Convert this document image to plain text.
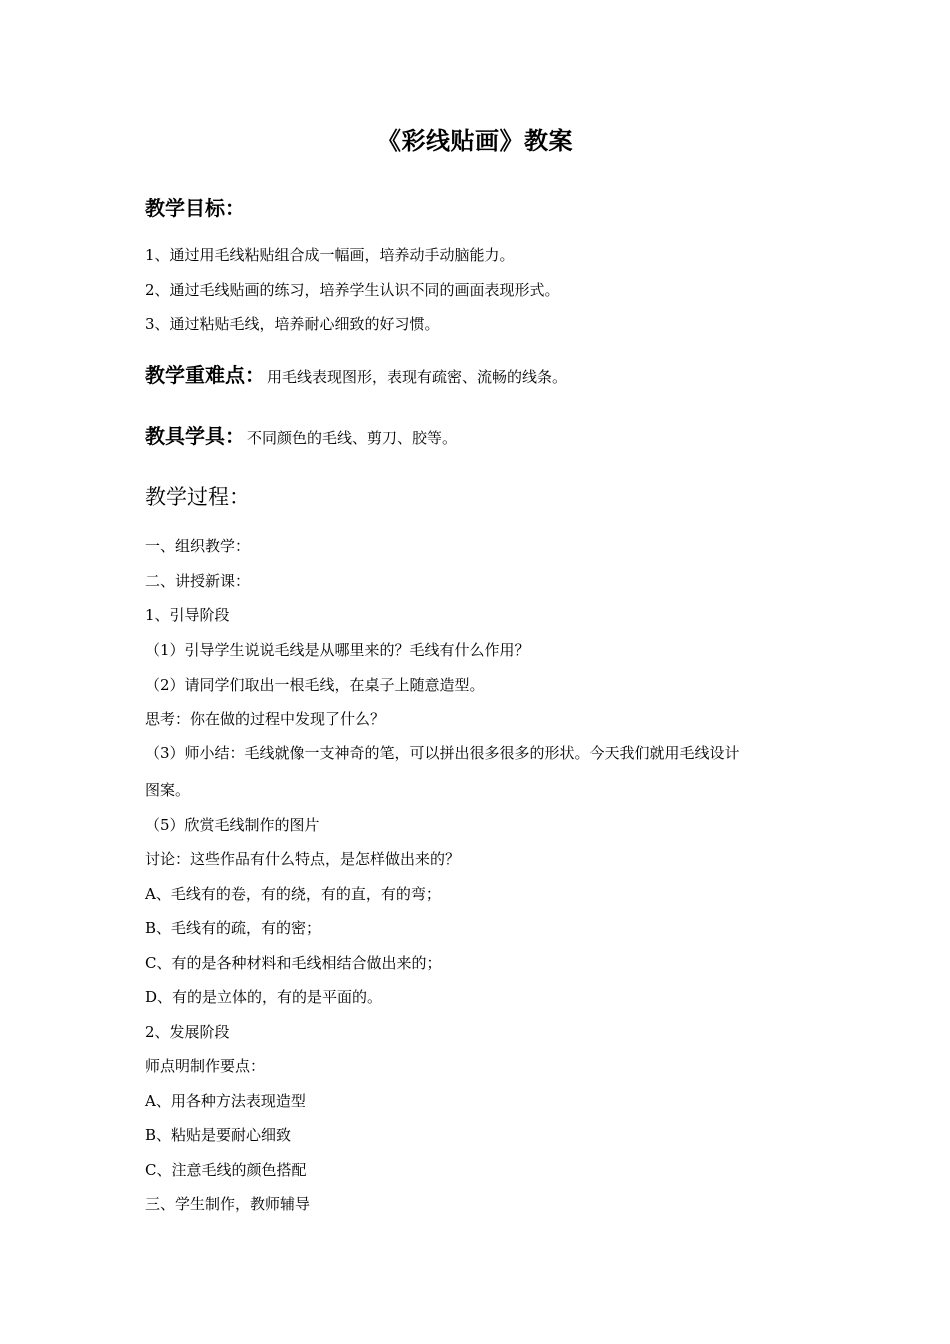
《彩线贴画》教案
教学目标：
1、通过用毛线粘贴组合成一幅画，培养动手动脑能力。
2、通过毛线贴画的练习，培养学生认识不同的画面表现形式。
3、通过粘贴毛线，培养耐心细致的好习惯。
教学重难点： 用毛线表现图形，表现有疏密、流畅的线条。
教具学具： 不同颜色的毛线、剪刀、胶等。
教学过程：
一、组织教学：
二、讲授新课：
1、引导阶段
（1）引导学生说说毛线是从哪里来的？毛线有什么作用？
（2）请同学们取出一根毛线，在桌子上随意造型。
思考：你在做的过程中发现了什么？
（3）师小结：毛线就像一支神奇的笔，可以拼出很多很多的形状。今天我们就用毛线设计
图案。
（5）欣赏毛线制作的图片
讨论：这些作品有什么特点，是怎样做出来的？
A、毛线有的卷，有的绕，有的直，有的弯；
B、毛线有的疏，有的密；
C、有的是各种材料和毛线相结合做出来的；
D、有的是立体的，有的是平面的。
2、发展阶段
师点明制作要点：
A、用各种方法表现造型
B、粘贴是要耐心细致
C、注意毛线的颜色搭配
三、学生制作，教师辅导
